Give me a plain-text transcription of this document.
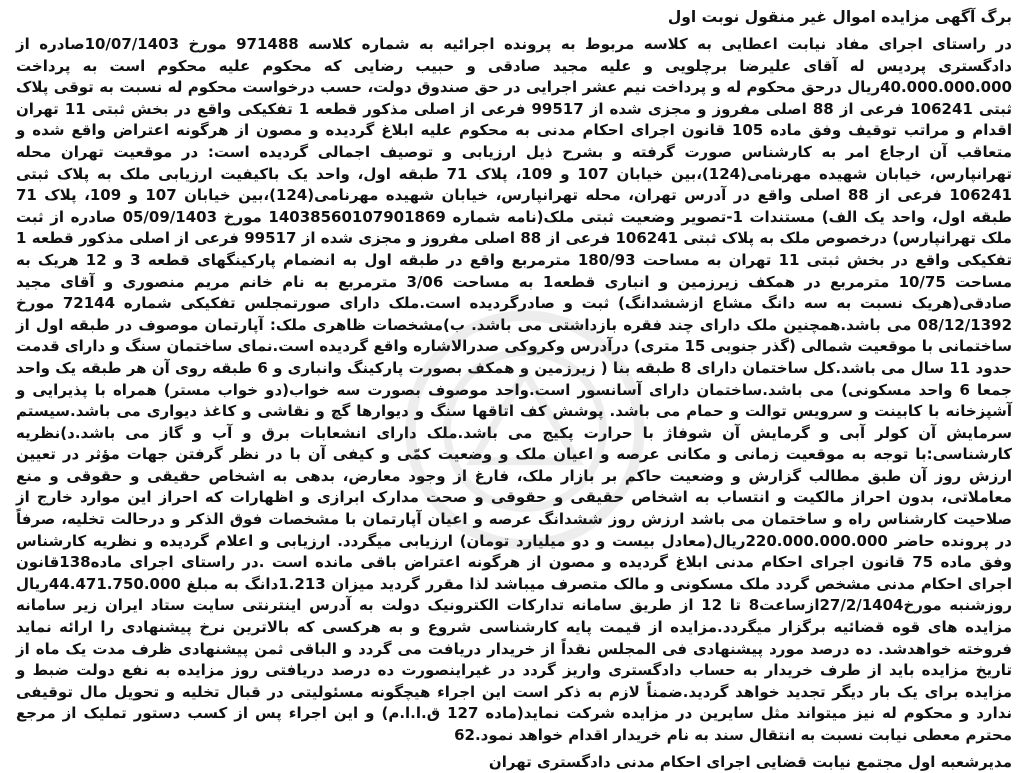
برگ آگهی مزایده اموال غیر منقول نوبت اول

در راستای اجرای مفاد نیابت اعطایی به کلاسه مربوط به پرونده اجرائیه به شماره کلاسه 971488 مورخ 10/07/1403صادره از دادگستری پردیس له آقای علیرضا برچلویی و علیه مجید صادقی و حبیب رضایی که محکوم علیه محکوم است به پرداخت 40.000.000.000ریال درحق محکوم له و پرداخت نیم عشر اجرایی در حق صندوق دولت، حسب درخواست محکوم له نسبت به توقی پلاک ثبتی 106241 فرعی از 88 اصلی مفروز و مجزی شده از 99517 فرعی از اصلی مذکور قطعه 1 تفکیکی واقع در بخش ثبتی 11 تهران اقدام و مراتب توقیف وفق ماده 105 قانون اجرای احکام مدنی به محکوم علیه ابلاغ گردیده و مصون از هرگونه اعتراض واقع شده و متعاقب آن ارجاع امر به کارشناس صورت گرفته و بشرح ذیل ارزیابی و توصیف اجمالی گردیده است: در موقعیت تهران محله تهرانپارس، خیابان شهیده مهرنامی(124)،بین خیابان 107 و 109، پلاک 71 طبقه اول، واحد یک باکیفیت ارزیابی ملک به پلاک ثبتی 106241 فرعی از 88 اصلی واقع در آدرس تهران، محله تهرانپارس، خیابان شهیده مهرنامی(124)،بین خیابان 107 و 109، پلاک 71 طبقه اول، واحد یک الف) مستندات 1-تصویر وضعیت ثبتی ملک(نامه شماره 14038560107901869 مورخ 05/09/1403 صادره از ثبت ملک تهرانپارس) درخصوص ملک به پلاک ثبتی 106241 فرعی از 88 اصلی مفروز و مجزی شده از 99517 فرعی از اصلی مذکور قطعه 1 تفکیکی واقع در بخش ثبتی 11 تهران به مساحت 180/93 مترمربع واقع در طبقه اول به انضمام پارکینگهای قطعه 3 و 12 هریک به مساحت 10/75 مترمربع در همکف زیرزمین و انباری قطعه1 به مساحت 3/06 مترمربع به نام خانم مریم منصوری و آقای مجید صادقی(هریک نسبت به سه دانگ مشاع ازششدانگ) ثبت و صادرگردیده است.ملک دارای صورتمجلس تفکیکی شماره 72144 مورخ 08/12/1392 می باشد.همچنین ملک دارای چند فقره بازداشتی می باشد. ب)مشخصات ظاهری ملک: آپارتمان موصوف در طبقه اول از ساختمانی با موقعیت شمالی (گذر جنوبی 15 متری) درآدرس وکروکی صدرالاشاره واقع گردیده است.نمای ساختمان سنگ و دارای قدمت حدود 11 سال می باشد.کل ساختمان دارای 8 طبقه بنا ( زیرزمین و همکف بصورت پارکینگ وانباری و 6 طبقه روی آن هر طبقه یک واحد جمعا 6 واحد مسکونی) می باشد.ساختمان دارای آسانسور است.واحد موصوف بصورت سه خواب(دو خواب مستر) همراه با پذیرایی و آشپزخانه با کابینت و سرویس توالت و حمام می باشد. پوشش کف اتاقها سنگ و دیوارها گچ و نقاشی و کاغذ دیواری می باشد.سیستم سرمایش آن کولر آبی و گرمایش آن شوفاژ با حرارت پکیج می باشد.ملک دارای انشعابات برق و آب و گاز می باشد.د)نظریه کارشناسی:با توجه به موقعیت زمانی و مکانی عرصه و اعیان ملک و وضعیت کمّی و کیفی آن با در نظر گرفتن جهات مؤثر در تعیین ارزش روز آن طبق مطالب گزارش و وضعیت حاکم بر بازار ملک، فارغ از وجود معارض، بدهی به اشخاص حقیقی و حقوقی و منع معاملاتی، بدون احراز مالکیت و انتساب به اشخاص حقیقی و حقوقی و صحت مدارک ابرازی و اظهارات که احراز این موارد خارج از صلاحیت کارشناس راه و ساختمان می باشد ارزش روز ششدانگ عرصه و اعیان آپارتمان با مشخصات فوق الذکر و درحالت تخلیه، صرفاً در پرونده حاضر 220.000.000.000ریال(معادل بیست و دو میلیارد تومان) ارزیابی میگردد. ارزیابی و اعلام گردیده و نظریه کارشناس وفق ماده 75 قانون اجرای احکام مدنی ابلاغ گردیده و مصون از هرگونه اعتراض باقی مانده است .در راستای اجرای ماده138قانون اجرای احکام مدنی مشخص گردد ملک مسکونی و مالک متصرف میباشد لذا مقرر گردید میزان 1.213دانگ به مبلغ 44.471.750.000ریال روزشنبه مورخ27/2/1404ازساعت8 تا 12 از طریق سامانه تدارکات الکترونیک دولت به آدرس اینترنتی سایت ستاد ایران زیر سامانه مزایده های قوه قضائیه برگزار میگردد.مزایده از قیمت پایه کارشناسی شروع و به هرکسی که بالاترین نرخ پیشنهادی را ارائه نماید فروخته خواهدشد. ده درصد مورد پیشنهادی فی المجلس نقداً از خریدار دریافت می گردد و الباقی ثمن پیشنهادی ظرف مدت یک ماه از تاریخ مزایده باید از طرف خریدار به حساب دادگستری واریز گردد در غیراینصورت ده درصد دریافتی روز مزایده به نفع دولت ضبط و مزایده برای یک بار دیگر تجدید خواهد گردید.ضمناً لازم به ذکر است این اجراء هیچگونه مسئولیتی در قبال تخلیه و تحویل مال توقیفی ندارد و محکوم له نیز میتواند مثل سایرین در مزایده شرکت نماید(ماده 127 ق.ا.ا.م) و این اجراء پس از کسب دستور تملیک از مرجع محترم معطی نیابت نسبت به انتقال سند به نام خریدار اقدام خواهد نمود.62

مدیرشعبه اول مجتمع نیابت قضایی اجرای احکام مدنی دادگستری تهران
